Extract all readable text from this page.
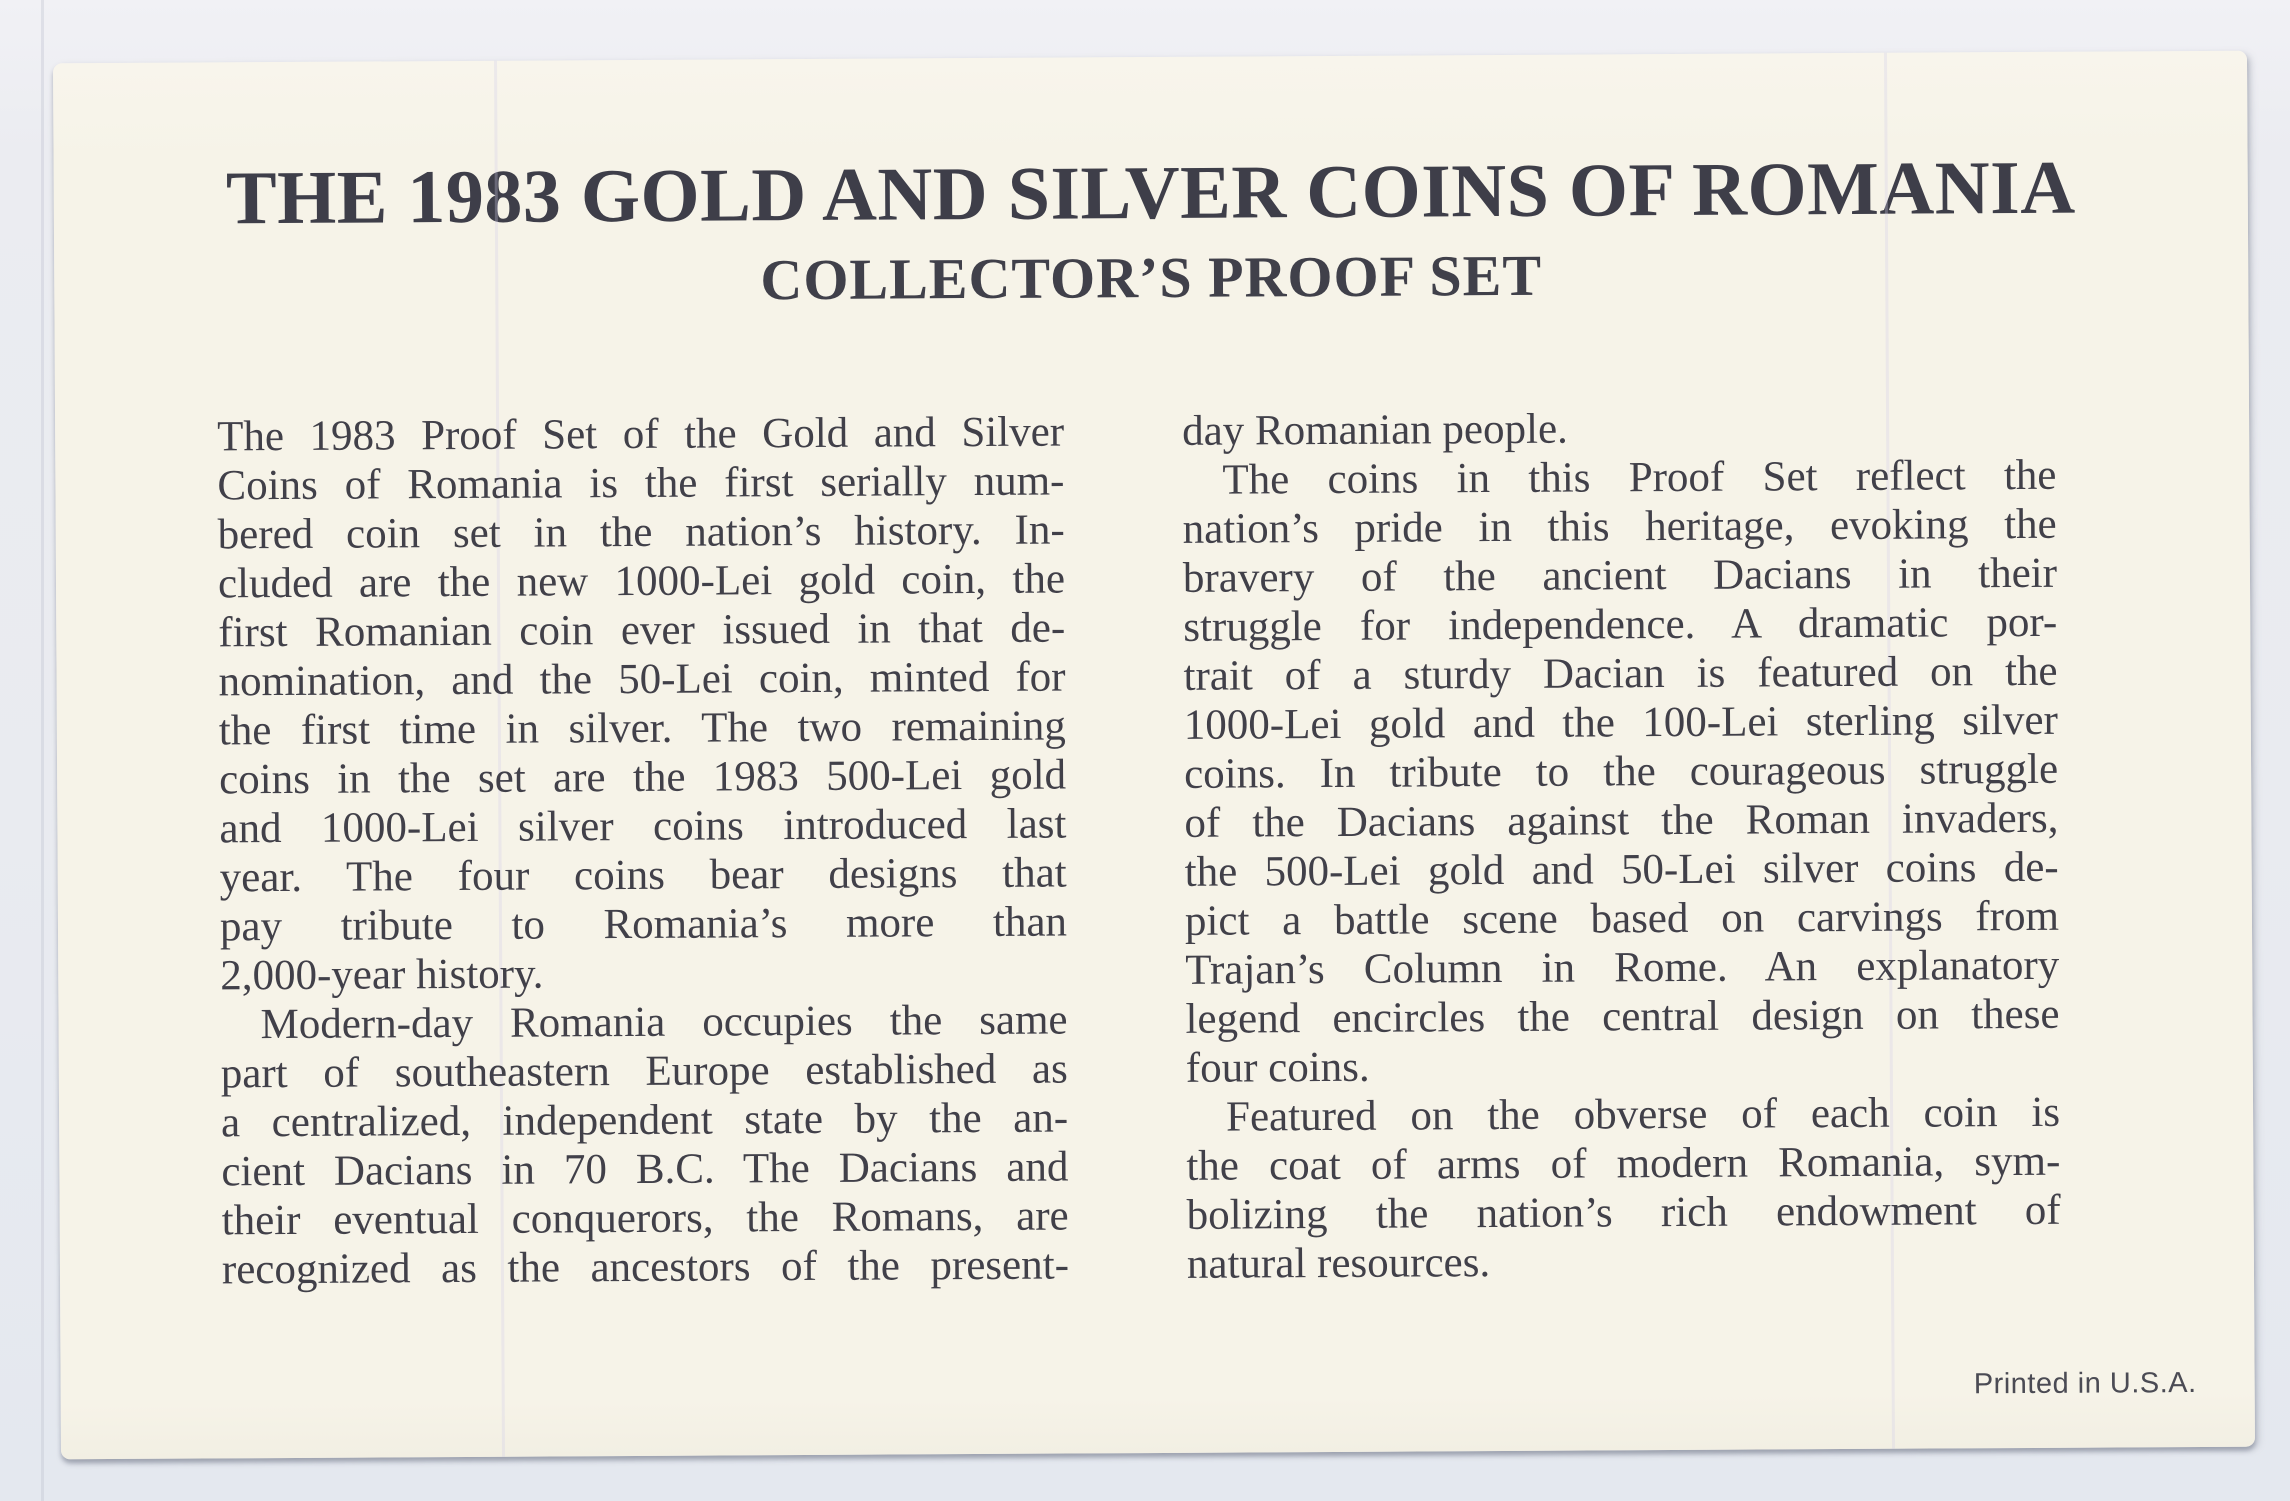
THE 1983 GOLD AND SILVER COINS OF ROMANIA
COLLECTOR’S PROOF SET
The 1983 Proof Set of the Gold and Silver
Coins of Romania is the first serially num-
bered coin set in the nation’s history. In-
cluded are the new 1000-Lei gold coin, the
first Romanian coin ever issued in that de-
nomination, and the 50-Lei coin, minted for
the first time in silver. The two remaining
coins in the set are the 1983 500-Lei gold
and 1000-Lei silver coins introduced last
year. The four coins bear designs that
pay tribute to Romania’s more than
2,000-year history.
Modern-day Romania occupies the same
part of southeastern Europe established as
a centralized, independent state by the an-
cient Dacians in 70 B.C. The Dacians and
their eventual conquerors, the Romans, are
recognized as the ancestors of the present-
day Romanian people.
The coins in this Proof Set reflect the
nation’s pride in this heritage, evoking the
bravery of the ancient Dacians in their
struggle for independence. A dramatic por-
trait of a sturdy Dacian is featured on the
1000-Lei gold and the 100-Lei sterling silver
coins. In tribute to the courageous struggle
of the Dacians against the Roman invaders,
the 500-Lei gold and 50-Lei silver coins de-
pict a battle scene based on carvings from
Trajan’s Column in Rome. An explanatory
legend encircles the central design on these
four coins.
Featured on the obverse of each coin is
the coat of arms of modern Romania, sym-
bolizing the nation’s rich endowment of
natural resources.
Printed in U.S.A.
